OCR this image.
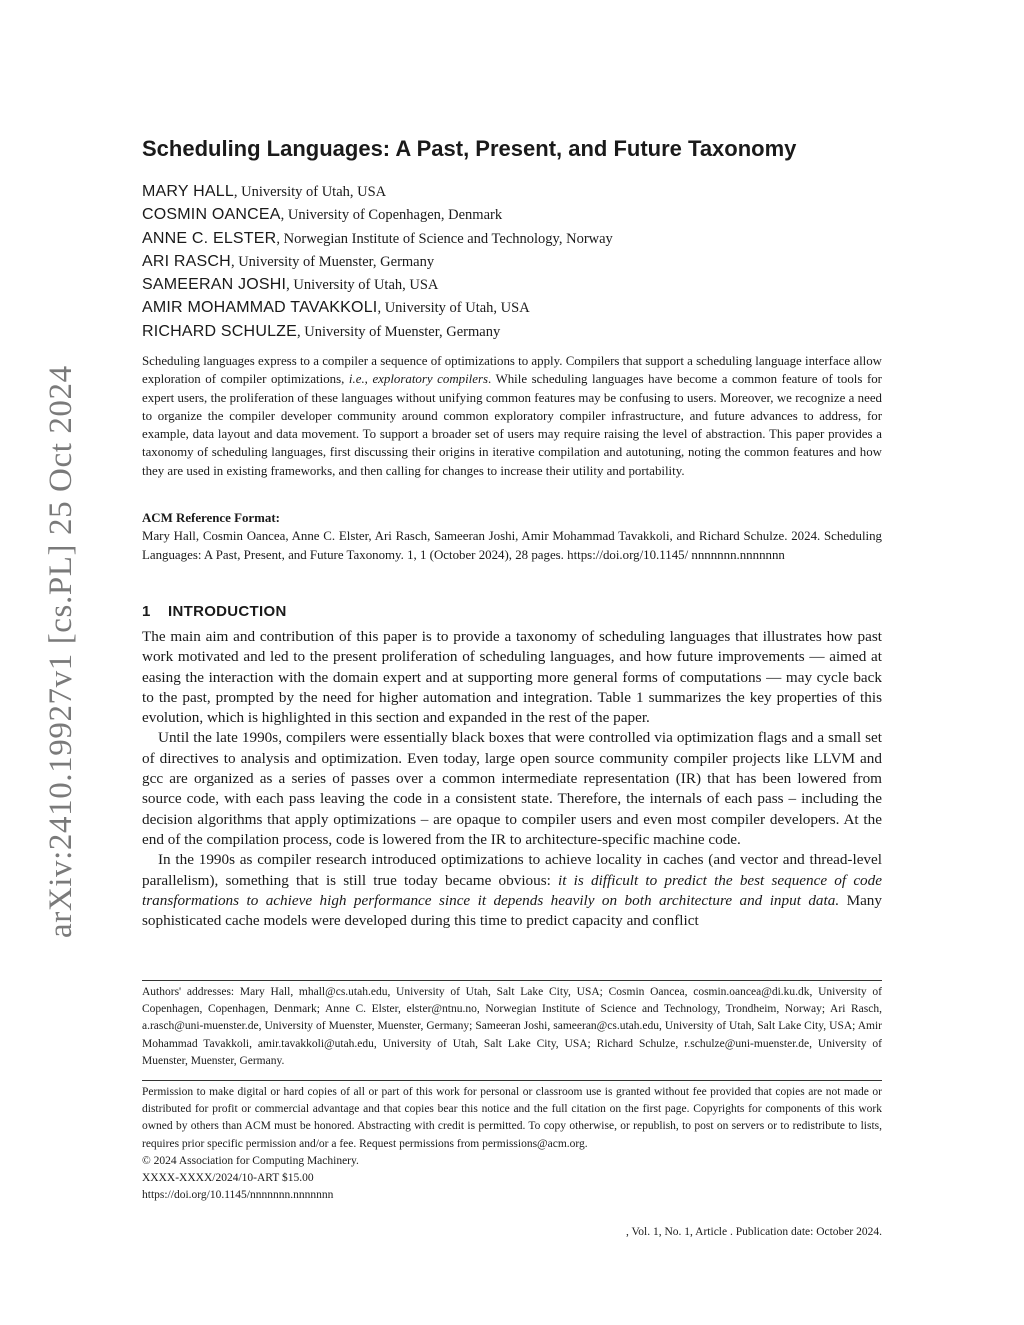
arXiv:2410.19927v1 [cs.PL] 25 Oct 2024
Scheduling Languages: A Past, Present, and Future Taxonomy
MARY HALL, University of Utah, USA
COSMIN OANCEA, University of Copenhagen, Denmark
ANNE C. ELSTER, Norwegian Institute of Science and Technology, Norway
ARI RASCH, University of Muenster, Germany
SAMEERAN JOSHI, University of Utah, USA
AMIR MOHAMMAD TAVAKKOLI, University of Utah, USA
RICHARD SCHULZE, University of Muenster, Germany

Scheduling languages express to a compiler a sequence of optimizations to apply. Compilers that support a scheduling language interface allow exploration of compiler optimizations, i.e., exploratory compilers. While scheduling languages have become a common feature of tools for expert users, the proliferation of these languages without unifying common features may be confusing to users. Moreover, we recognize a need to organize the compiler developer community around common exploratory compiler infrastructure, and future advances to address, for example, data layout and data movement. To support a broader set of users may require raising the level of abstraction. This paper provides a taxonomy of scheduling languages, first discussing their origins in iterative compilation and autotuning, noting the common features and how they are used in existing frameworks, and then calling for changes to increase their utility and portability.

ACM Reference Format:

Mary Hall, Cosmin Oancea, Anne C. Elster, Ari Rasch, Sameeran Joshi, Amir Mohammad Tavakkoli, and Richard Schulze. 2024. Scheduling Languages: A Past, Present, and Future Taxonomy. 1, 1 (October 2024), 28 pages. https://doi.org/10.1145/ nnnnnnn.nnnnnnn

1 INTRODUCTION

The main aim and contribution of this paper is to provide a taxonomy of scheduling languages that illustrates how past work motivated and led to the present proliferation of scheduling languages, and how future improvements — aimed at easing the interaction with the domain expert and at supporting more general forms of computations — may cycle back to the past, prompted by the need for higher automation and integration. Table 1 summarizes the key properties of this evolution, which is highlighted in this section and expanded in the rest of the paper.

Until the late 1990s, compilers were essentially black boxes that were controlled via optimization flags and a small set of directives to analysis and optimization. Even today, large open source community compiler projects like LLVM and gcc are organized as a series of passes over a common intermediate representation (IR) that has been lowered from source code, with each pass leaving the code in a consistent state. Therefore, the internals of each pass – including the decision algorithms that apply optimizations – are opaque to compiler users and even most compiler developers. At the end of the compilation process, code is lowered from the IR to architecture-specific machine code.

In the 1990s as compiler research introduced optimizations to achieve locality in caches (and vector and thread-level parallelism), something that is still true today became obvious: it is difficult to predict the best sequence of code transformations to achieve high performance since it depends heavily on both architecture and input data. Many sophisticated cache models were developed during this time to predict capacity and conflict

Authors' addresses: Mary Hall, mhall@cs.utah.edu, University of Utah, Salt Lake City, USA; Cosmin Oancea, cosmin.oancea@di.ku.dk, University of Copenhagen, Copenhagen, Denmark; Anne C. Elster, elster@ntnu.no, Norwegian Institute of Science and Technology, Trondheim, Norway; Ari Rasch, a.rasch@uni-muenster.de, University of Muenster, Muenster, Germany; Sameeran Joshi, sameeran@cs.utah.edu, University of Utah, Salt Lake City, USA; Amir Mohammad Tavakkoli, amir.tavakkoli@utah.edu, University of Utah, Salt Lake City, USA; Richard Schulze, r.schulze@uni-muenster.de, University of Muenster, Muenster, Germany.

Permission to make digital or hard copies of all or part of this work for personal or classroom use is granted without fee provided that copies are not made or distributed for profit or commercial advantage and that copies bear this notice and the full citation on the first page. Copyrights for components of this work owned by others than ACM must be honored. Abstracting with credit is permitted. To copy otherwise, or republish, to post on servers or to redistribute to lists, requires prior specific permission and/or a fee. Request permissions from permissions@acm.org.

© 2024 Association for Computing Machinery.

XXXX-XXXX/2024/10-ART $15.00

https://doi.org/10.1145/nnnnnnn.nnnnnnn

, Vol. 1, No. 1, Article . Publication date: October 2024.
